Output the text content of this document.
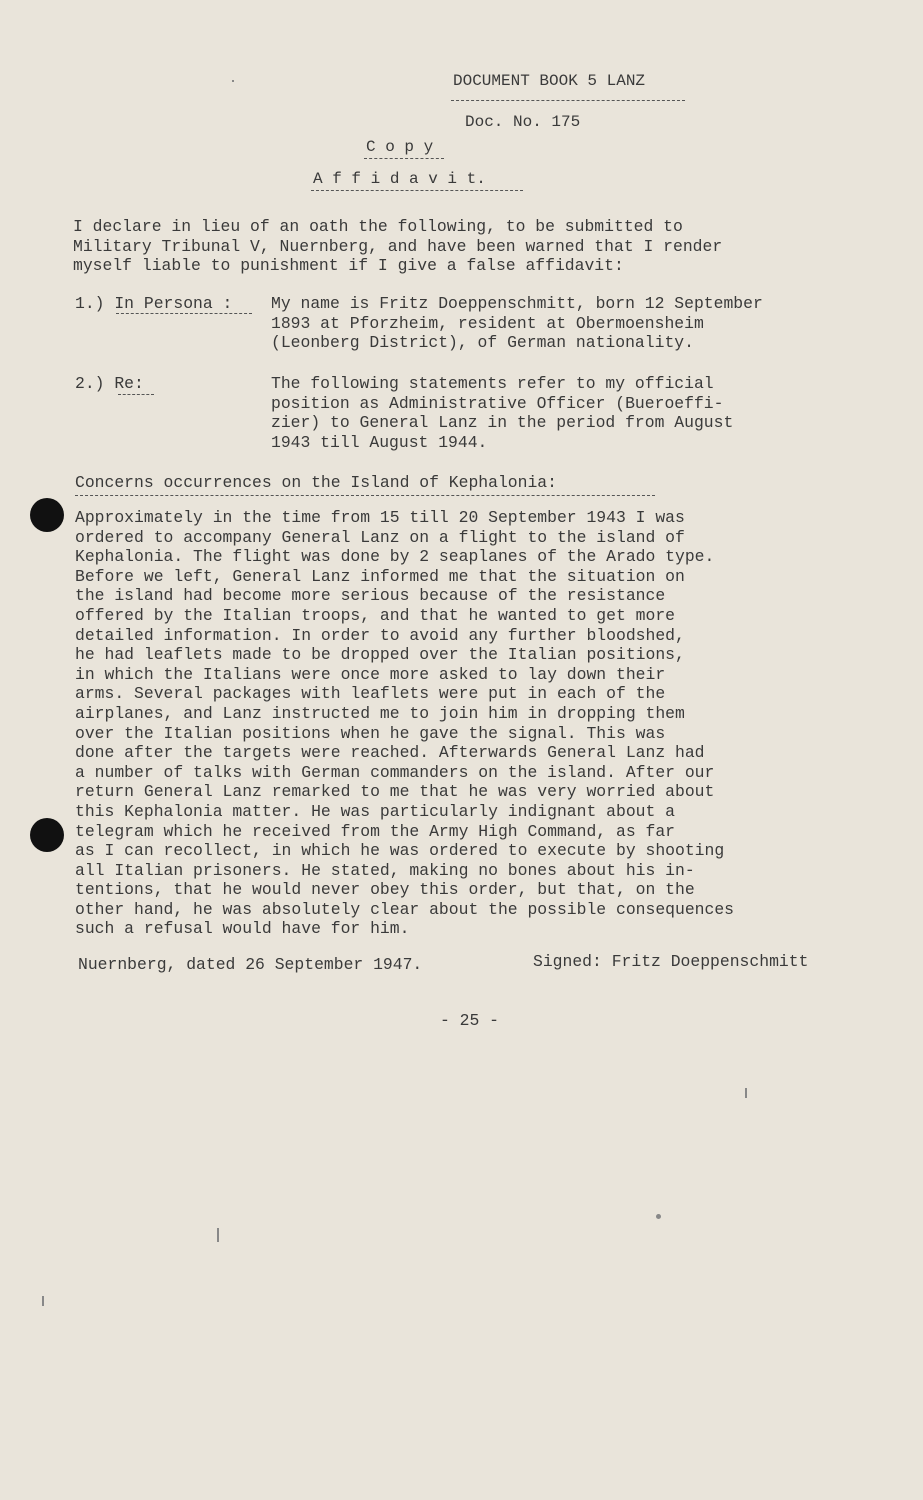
DOCUMENT BOOK 5 LANZ
Doc. No. 175
C o p y
A f f i d a v i t.
I declare in lieu of an oath the following, to be submitted to
Military Tribunal V, Nuernberg, and have been warned that I render
myself liable to punishment if I give a false affidavit:
1.) In Persona : My name is Fritz Doeppenschmitt, born 12 September
1893 at Pforzheim, resident at Obermoensheim
(Leonberg District), of German nationality.
2.) Re:	The following statements refer to my official
position as Administrative Officer (Bueroeffi-
zier) to General Lanz in the period from August
1943 till August 1944.
Concerns occurrences on the Island of Kephalonia:
Approximately in the time from 15 till 20 September 1943 I was
ordered to accompany General Lanz on a flight to the island of
Kephalonia. The flight was done by 2 seaplanes of the Arado type.
Before we left, General Lanz informed me that the situation on
the island had become more serious because of the resistance
offered by the Italian troops, and that he wanted to get more
detailed information. In order to avoid any further bloodshed,
he had leaflets made to be dropped over the Italian positions,
in which the Italians were once more asked to lay down their
arms. Several packages with leaflets were put in each of the
airplanes, and Lanz instructed me to join him in dropping them
over the Italian positions when he gave the signal. This was
done after the targets were reached. Afterwards General Lanz had
a number of talks with German commanders on the island. After our
return General Lanz remarked to me that he was very worried about
this Kephalonia matter. He was particularly indignant about a
telegram which he received from the Army High Command, as far
as I can recollect, in which he was ordered to execute by shooting
all Italian prisoners. He stated, making no bones about his in-
tentions, that he would never obey this order, but that, on the
other hand, he was absolutely clear about the possible consequences
such a refusal would have for him.
Nuernberg, dated 26 September 1947.	Signed: Fritz Doeppenschmitt
- 25 -
